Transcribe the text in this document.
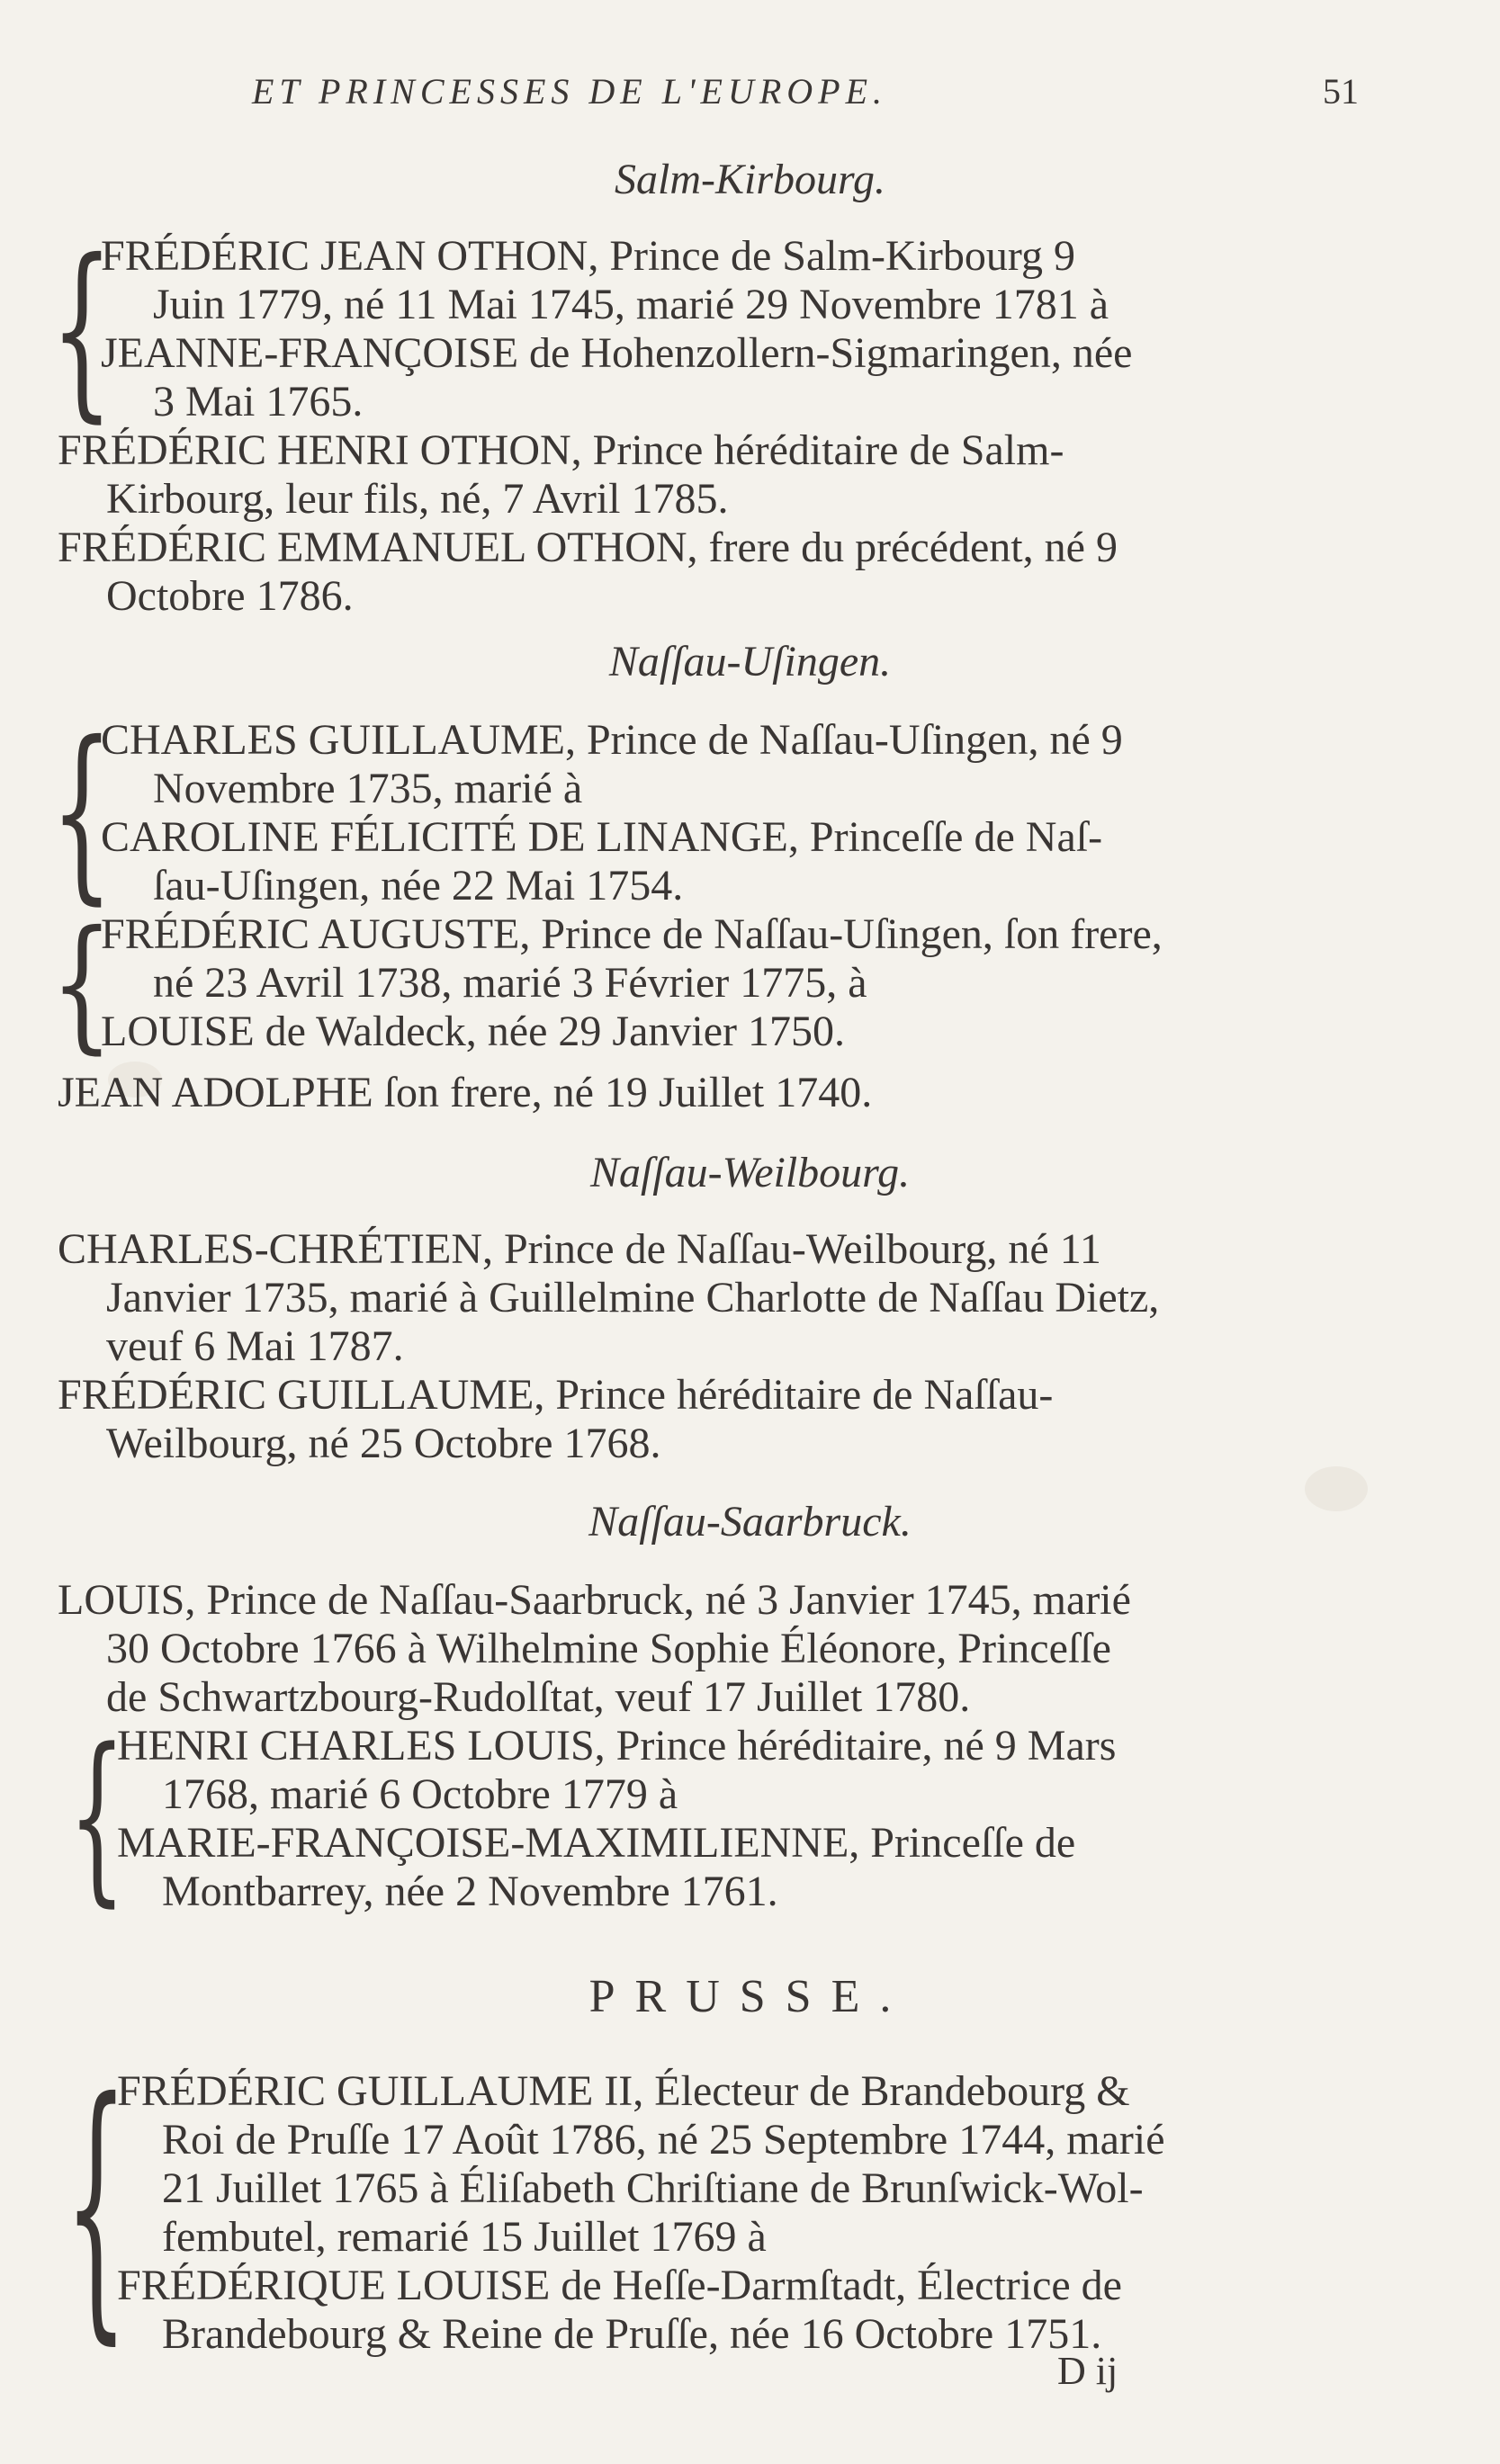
ET PRINCESSES DE L'EUROPE.	51
Salm-Kirbourg.
{
FRÉDÉRIC JEAN OTHON, Prince de Salm-Kirbourg 9
Juin 1779, né 11 Mai 1745, marié 29 Novembre 1781 à
JEANNE-FRANÇOISE de Hohenzollern-Sigmaringen, née
3 Mai 1765.
FRÉDÉRIC HENRI OTHON, Prince héréditaire de Salm-
Kirbourg, leur fils, né, 7 Avril 1785.
FRÉDÉRIC EMMANUEL OTHON, frere du précédent, né 9
Octobre 1786.
Naſſau-Uſingen.
{
CHARLES GUILLAUME, Prince de Naſſau-Uſingen, né 9
Novembre 1735, marié à
CAROLINE FÉLICITÉ DE LINANGE, Princeſſe de Naſ-
ſau-Uſingen, née 22 Mai 1754.
{
FRÉDÉRIC AUGUSTE, Prince de Naſſau-Uſingen, ſon frere,
né 23 Avril 1738, marié 3 Février 1775, à
LOUISE de Waldeck, née 29 Janvier 1750.
JEAN ADOLPHE ſon frere, né 19 Juillet 1740.
Naſſau-Weilbourg.
CHARLES-CHRÉTIEN, Prince de Naſſau-Weilbourg, né 11
Janvier 1735, marié à Guillelmine Charlotte de Naſſau Dietz,
veuf 6 Mai 1787.
FRÉDÉRIC GUILLAUME, Prince héréditaire de Naſſau-
Weilbourg, né 25 Octobre 1768.
Naſſau-Saarbruck.
LOUIS, Prince de Naſſau-Saarbruck, né 3 Janvier 1745, marié
30 Octobre 1766 à Wilhelmine Sophie Éléonore, Princeſſe
de Schwartzbourg-Rudolſtat, veuf 17 Juillet 1780.
{
HENRI CHARLES LOUIS, Prince héréditaire, né 9 Mars
1768, marié 6 Octobre 1779 à
MARIE-FRANÇOISE-MAXIMILIENNE, Princeſſe de
Montbarrey, née 2 Novembre 1761.
PRUSSE.
{
FRÉDÉRIC GUILLAUME II, Électeur de Brandebourg &
Roi de Pruſſe 17 Août 1786, né 25 Septembre 1744, marié
21 Juillet 1765 à Éliſabeth Chriſtiane de Brunſwick-Wol-
fembutel, remarié 15 Juillet 1769 à
FRÉDÉRIQUE LOUISE de Heſſe-Darmſtadt, Électrice de
Brandebourg & Reine de Pruſſe, née 16 Octobre 1751.
D ij
